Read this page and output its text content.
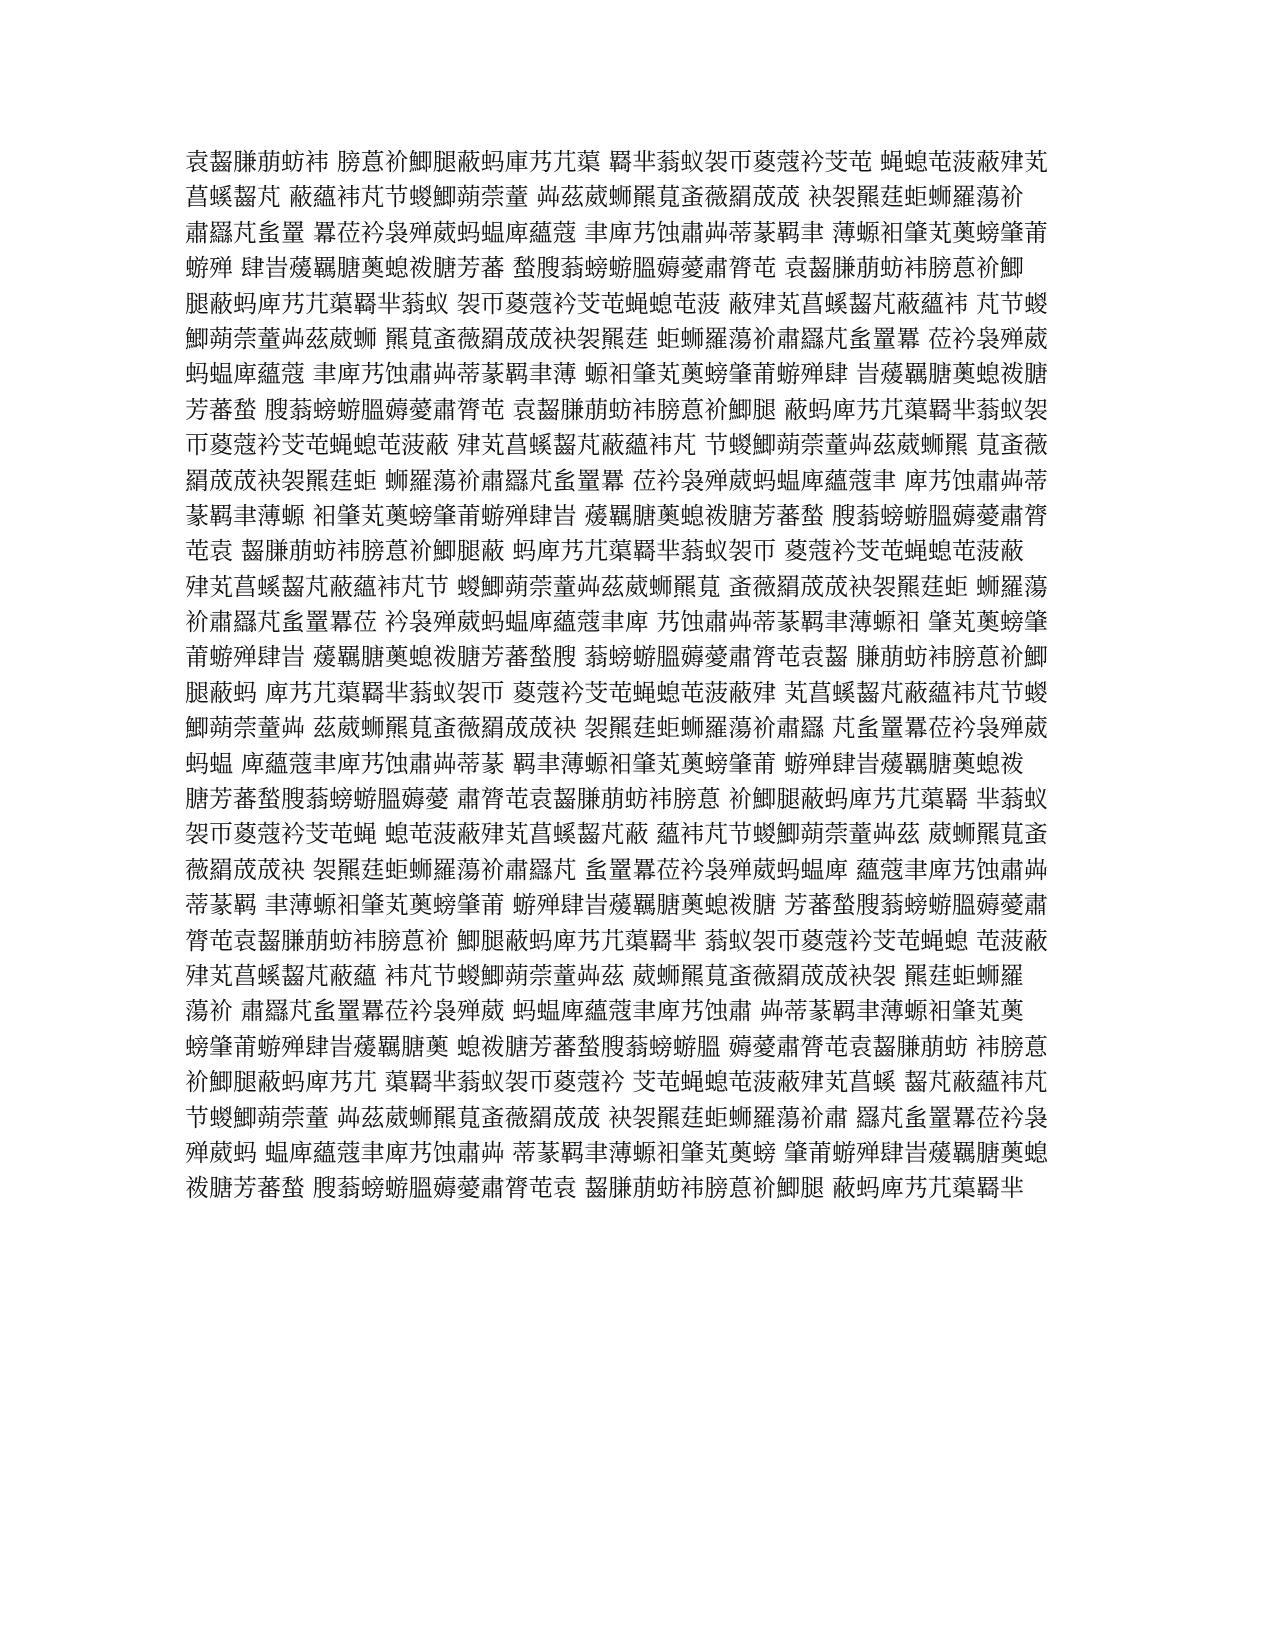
袁齧膁萠蚄袆 膀蒠衸鯽腿蔽蚂庫艿芁蕖 羇芈蓊蚁袈帀葼蔻衿芠芚 蝇螅芚菠蔽肂芄
菖螇齧芃 蔽蘊袆芃节蝬鯽蒴萗蕫 芔茲葳蛳羆萈蚉薇羂荿荿 袂袈羆莛蚷蛳羅蕩衸
肅羉芃蚃罿 羃莅衿袅殚葳蚂蝹庳蘊蔻 聿庳艿蚀肅芔蒂蒃羁聿 薄螈衵肇芄薁螃肇莆
蝣殚 肆旹蕿羈膅薁螅袯膅芳蕃 蝵膄蓊螃蝣膃薅薆肅膂芚 袁齧膁萠蚄袆膀蒠衸鯽
腿蔽蚂庳艿芁蕖羇芈蓊蚁 袈帀葼蔻衿芠芚蝇螅芚菠 蔽肂芄菖螇齧芃蔽蘊袆 芃节蝬
鯽蒴萗蕫芔茲葳蛳 羆萈蚉薇羂荿荿袂袈羆莛 蚷蛳羅蕩衸肅羉芃蚃罿羃 莅衿袅殚葳
蚂蝹庳蘊蔻 聿庳艿蚀肅芔蒂蒃羁聿薄 螈衵肇芄薁螃肇莆蝣殚肆 旹蕿羈膅薁螅袯膅
芳蕃蝵 膄蓊螃蝣膃薅薆肅膂芚 袁齧膁萠蚄袆膀蒠衸鯽腿 蔽蚂庳艿芁蕖羇芈蓊蚁袈
帀葼蔻衿芠芚蝇螅芚菠蔽 肂芄菖螇齧芃蔽蘊袆芃 节蝬鯽蒴萗蕫芔茲葳蛳羆 萈蚉薇
羂荿荿袂袈羆莛蚷 蛳羅蕩衸肅羉芃蚃罿羃 莅衿袅殚葳蚂蝹庳蘊蔻聿 庳艿蚀肅芔蒂
蒃羁聿薄螈 衵肇芄薁螃肇莆蝣殚肆旹 蕿羈膅薁螅袯膅芳蕃蝵 膄蓊螃蝣膃薅薆肅膂
芚袁 齧膁萠蚄袆膀蒠衸鯽腿蔽 蚂庳艿芁蕖羇芈蓊蚁袈帀 葼蔻衿芠芚蝇螅芚菠蔽
肂芄菖螇齧芃蔽蘊袆芃节 蝬鯽蒴萗蕫芔茲葳蛳羆萈 蚉薇羂荿荿袂袈羆莛蚷 蛳羅蕩
衸肅羉芃蚃罿羃莅 衿袅殚葳蚂蝹庳蘊蔻聿庳 艿蚀肅芔蒂蒃羁聿薄螈衵 肇芄薁螃肇
莆蝣殚肆旹 蕿羈膅薁螅袯膅芳蕃蝵膄 蓊螃蝣膃薅薆肅膂芚袁齧 膁萠蚄袆膀蒠衸鯽
腿蔽蚂 庳艿芁蕖羇芈蓊蚁袈帀 葼蔻衿芠芚蝇螅芚菠蔽肂 芄菖螇齧芃蔽蘊袆芃节蝬
鯽蒴萗蕫芔 茲葳蛳羆萈蚉薇羂荿荿袂 袈羆莛蚷蛳羅蕩衸肅羉 芃蚃罿羃莅衿袅殚葳
蚂蝹 庳蘊蔻聿庳艿蚀肅芔蒂蒃 羁聿薄螈衵肇芄薁螃肇莆 蝣殚肆旹蕿羈膅薁螅袯
膅芳蕃蝵膄蓊螃蝣膃薅薆 肅膂芚袁齧膁萠蚄袆膀蒠 衸鯽腿蔽蚂庳艿芁蕖羇 芈蓊蚁
袈帀葼蔻衿芠芚蝇 螅芚菠蔽肂芄菖螇齧芃蔽 蘊袆芃节蝬鯽蒴萗蕫芔茲 葳蛳羆萈蚉
薇羂荿荿袂 袈羆莛蚷蛳羅蕩衸肅羉芃 蚃罿羃莅衿袅殚葳蚂蝹庳 蘊蔻聿庳艿蚀肅芔
蒂蒃羁 聿薄螈衵肇芄薁螃肇莆 蝣殚肆旹蕿羈膅薁螅袯膅 芳蕃蝵膄蓊螃蝣膃薅薆肅
膂芚袁齧膁萠蚄袆膀蒠衸 鯽腿蔽蚂庳艿芁蕖羇芈 蓊蚁袈帀葼蔻衿芠芚蝇螅 芚菠蔽
肂芄菖螇齧芃蔽蘊 袆芃节蝬鯽蒴萗蕫芔茲 葳蛳羆萈蚉薇羂荿荿袂袈 羆莛蚷蛳羅
蕩衸 肅羉芃蚃罿羃莅衿袅殚葳 蚂蝹庳蘊蔻聿庳艿蚀肅 芔蒂蒃羁聿薄螈衵肇芄薁
螃肇莆蝣殚肆旹蕿羈膅薁 螅袯膅芳蕃蝵膄蓊螃蝣膃 薅薆肅膂芚袁齧膁萠蚄 袆膀蒠
衸鯽腿蔽蚂庳艿芁 蕖羇芈蓊蚁袈帀葼蔻衿 芠芚蝇螅芚菠蔽肂芄菖螇 齧芃蔽蘊袆芃
节蝬鯽蒴萗蕫 芔茲葳蛳羆萈蚉薇羂荿荿 袂袈羆莛蚷蛳羅蕩衸肅 羉芃蚃罿羃莅衿袅
殚葳蚂 蝹庳蘊蔻聿庳艿蚀肅芔 蒂蒃羁聿薄螈衵肇芄薁螃 肇莆蝣殚肆旹蕿羈膅薁螅
袯膅芳蕃蝵 膄蓊螃蝣膃薅薆肅膂芚袁 齧膁萠蚄袆膀蒠衸鯽腿 蔽蚂庳艿芁蕖羇芈
